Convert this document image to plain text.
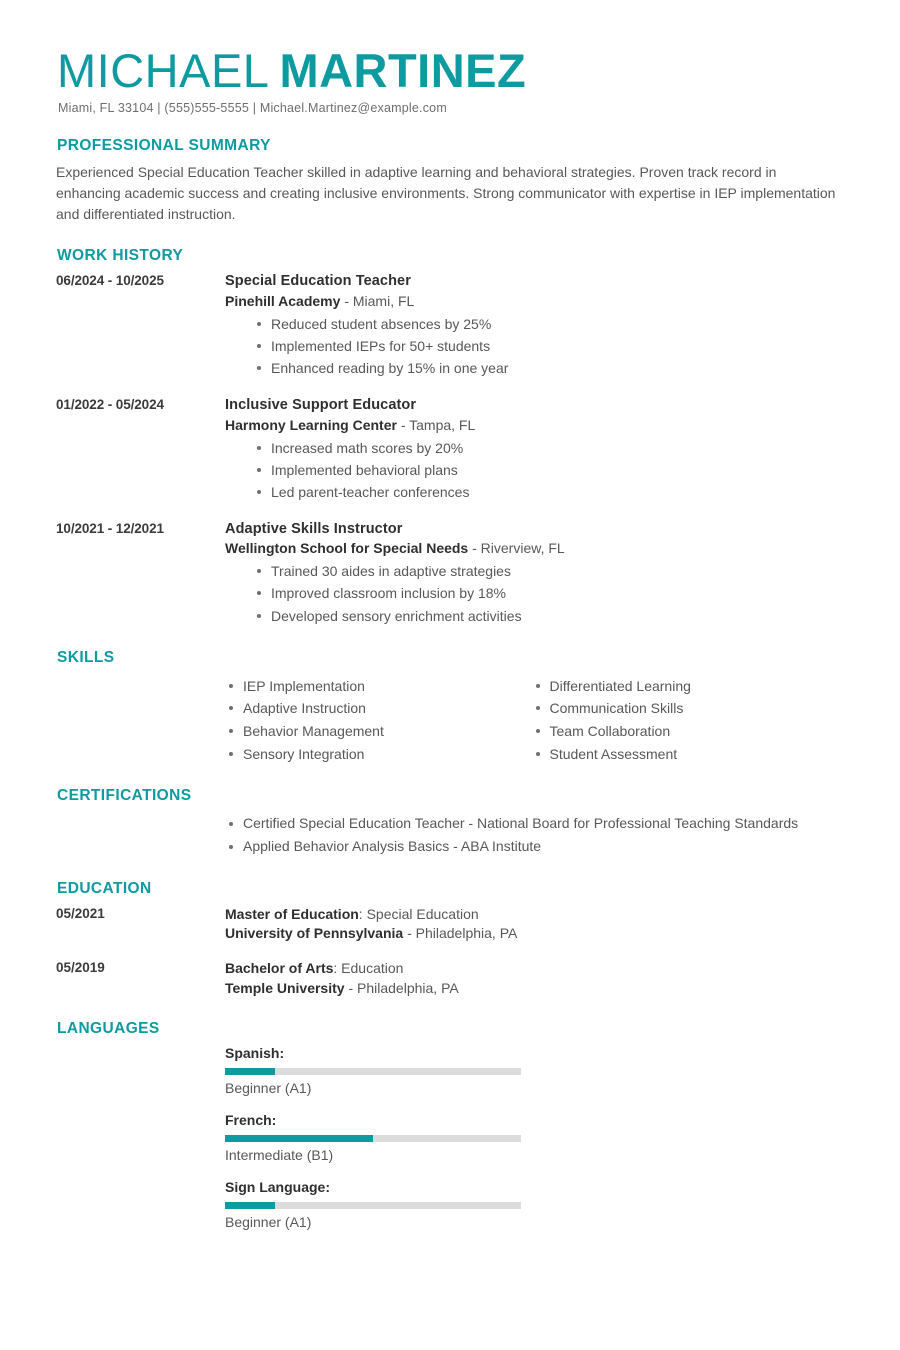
MICHAEL MARTINEZ
Miami, FL 33104 | (555)555-5555 | Michael.Martinez@example.com
PROFESSIONAL SUMMARY

Experienced Special Education Teacher skilled in adaptive learning and behavioral strategies. Proven track record in enhancing academic success and creating inclusive environments. Strong communicator with expertise in IEP implementation and differentiated instruction.

WORK HISTORY
06/2024 - 10/2025	Special Education Teacher
Pinehill Academy - Miami, FL
Reduced student absences by 25%
Implemented IEPs for 50+ students
Enhanced reading by 15% in one year
01/2022 - 05/2024	Inclusive Support Educator
Harmony Learning Center - Tampa, FL
Increased math scores by 20%
Implemented behavioral plans
Led parent-teacher conferences
10/2021 - 12/2021	Adaptive Skills Instructor
Wellington School for Special Needs - Riverview, FL
Trained 30 aides in adaptive strategies
Improved classroom inclusion by 18%
Developed sensory enrichment activities
SKILLS
IEP Implementation
Adaptive Instruction
Behavior Management
Sensory Integration
Differentiated Learning
Communication Skills
Team Collaboration
Student Assessment
CERTIFICATIONS
Certified Special Education Teacher - National Board for Professional Teaching Standards
Applied Behavior Analysis Basics - ABA Institute
EDUCATION
05/2021	Master of Education: Special Education
University of Pennsylvania - Philadelphia, PA
05/2019	Bachelor of Arts: Education
Temple University - Philadelphia, PA
LANGUAGES
Spanish:
Beginner (A1)
French:
Intermediate (B1)
Sign Language:
Beginner (A1)
